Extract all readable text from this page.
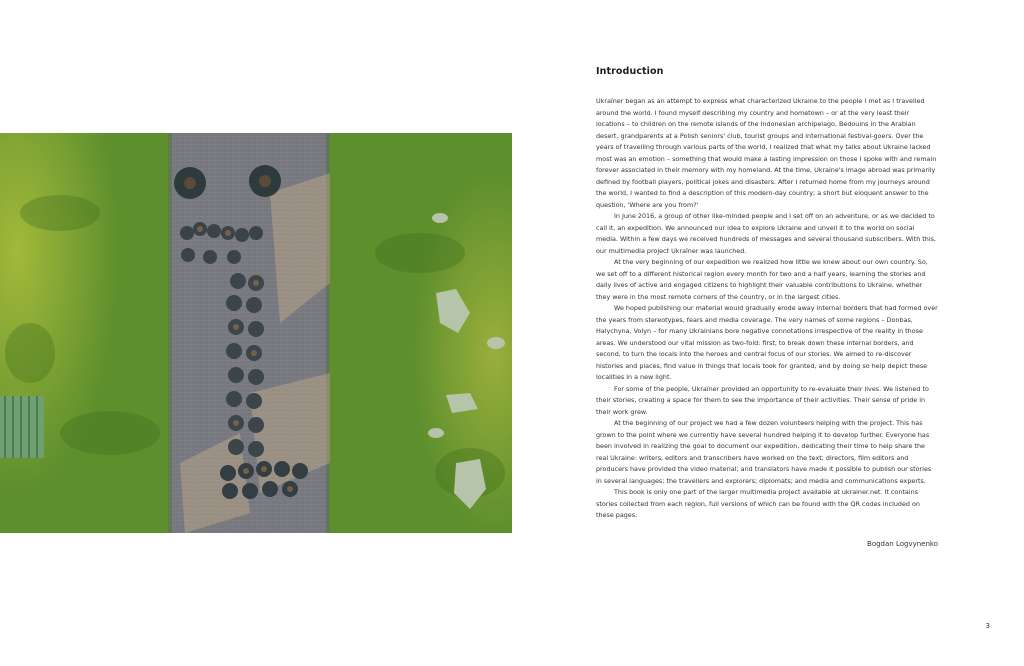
Introduction

Ukraїner began as an attempt to express what characterized Ukraine to the people I met as I travelled around the world. I found myself describing my country and hometown – or at the very least their locations – to children on the remote islands of the Indonesian archipelago, Bedouins in the Arabian desert, grandparents at a Polish seniors' club, tourist groups and international festival-goers. Over the years of travelling through various parts of the world, I realized that what my talks about Ukraine lacked most was an emotion – something that would make a lasting impression on those I spoke with and remain forever associated in their memory with my homeland. At the time, Ukraine's image abroad was primarily defined by football players, political jokes and disasters. After I returned home from my journeys around the world, I wanted to find a description of this modern-day country; a short but eloquent answer to the question, 'Where are you from?'

In June 2016, a group of other like-minded people and I set off on an adventure, or as we decided to call it, an expedition. We announced our idea to explore Ukraine and unveil it to the world on social media. Within a few days we received hundreds of messages and several thousand subscribers. With this, our multimedia project Ukraїner was launched.

At the very beginning of our expedition we realized how little we knew about our own country. So, we set off to a different historical region every month for two and a half years, learning the stories and daily lives of active and engaged citizens to highlight their valuable contributions to Ukraine, whether they were in the most remote corners of the country, or in the largest cities.

We hoped publishing our material would gradually erode away internal borders that had formed over the years from stereotypes, fears and media coverage. The very names of some regions – Donbas, Halychyna, Volyn – for many Ukrainians bore negative connotations irrespective of the reality in those areas. We understood our vital mission as two-fold: first, to break down these internal borders, and second, to turn the locals into the heroes and central focus of our stories. We aimed to re-discover histories and places, find value in things that locals took for granted, and by doing so help depict these localities in a new light.

For some of the people, Ukraїner provided an opportunity to re-evaluate their lives. We listened to their stories, creating a space for them to see the importance of their activities. Their sense of pride in their work grew.

At the beginning of our project we had a few dozen volunteers helping with the project. This has grown to the point where we currently have several hundred helping it to develop further. Everyone has been involved in realizing the goal to document our expedition, dedicating their time to help share the real Ukraine: writers, editors and transcribers have worked on the text; directors, film editors and producers have provided the video material; and translators have made it possible to publish our stories in several languages; the travellers and explorers; diplomats; and media and communications experts.

This book is only one part of the larger multimedia project available at ukrainer.net. It contains stories collected from each region, full versions of which can be found with the QR codes included on these pages.

Bogdan Logvynenko

3
